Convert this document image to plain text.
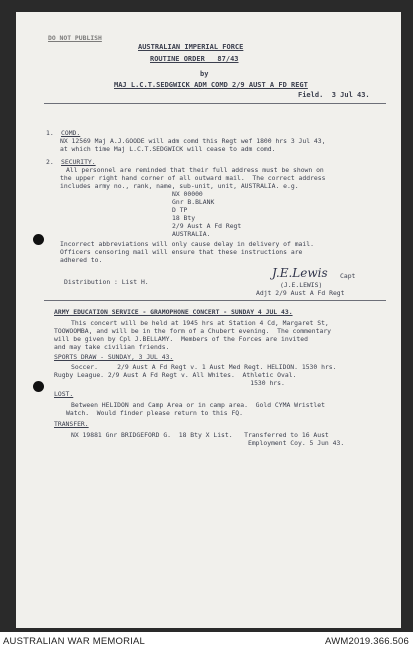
DO NOT PUBLISH
AUSTRALIAN IMPERIAL FORCE
ROUTINE ORDER   87/43
by
MAJ L.C.T.SEDGWICK ADM COMD 2/9 AUST A FD REGT
Field.  3 Jul 43.
1. COMD.
NX 12569 Maj A.J.GOODE will adm comd this Regt wef 1800 hrs 3 Jul 43,
at which time Maj L.C.T.SEDGWICK will cease to adm comd.
2. SECURITY.
All personnel are reminded that their full address must be shown on
the upper right hand corner of all outward mail.  The correct address
includes army no., rank, name, sub-unit, unit, AUSTRALIA. e.g.
NX 00000
Gnr B.BLANK
D TP
18 Bty
2/9 Aust A Fd Regt
AUSTRALIA.
Incorrect abbreviations will only cause delay in delivery of mail.
Officers censoring mail will ensure that these instructions are
adhered to.
Distribution : List H.
J.E.Lewis Capt
(J.E.LEWIS)
Adjt 2/9 Aust A Fd Regt
ARMY EDUCATION SERVICE - GRAMOPHONE CONCERT - SUNDAY 4 JUL 43.
This concert will be held at 1945 hrs at Station 4 Cd, Margaret St,
TOOWOOMBA, and will be in the form of a Chubert evening.  The commentary
will be given by Cpl J.BELLAMY.  Members of the Forces are invited
and may take civilian friends.
SPORTS DRAW - SUNDAY, 3 JUL 43.
Soccer.     2/9 Aust A Fd Regt v. 1 Aust Med Regt. HELIDON. 1530 hrs.
Rugby League. 2/9 Aust A Fd Regt v. All Whites.  Athletic Oval.
1530 hrs.
LOST.
Between HELIDON and Camp Area or in camp area.  Gold CYMA Wristlet
Watch.  Would finder please return to this FQ.
TRANSFER.
NX 19881 Gnr BRIDGEFORD G.  18 Bty X List.   Transferred to 16 Aust
Employment Coy. 5 Jun 43.
AUSTRALIAN WAR MEMORIAL	AWM2019.366.506
